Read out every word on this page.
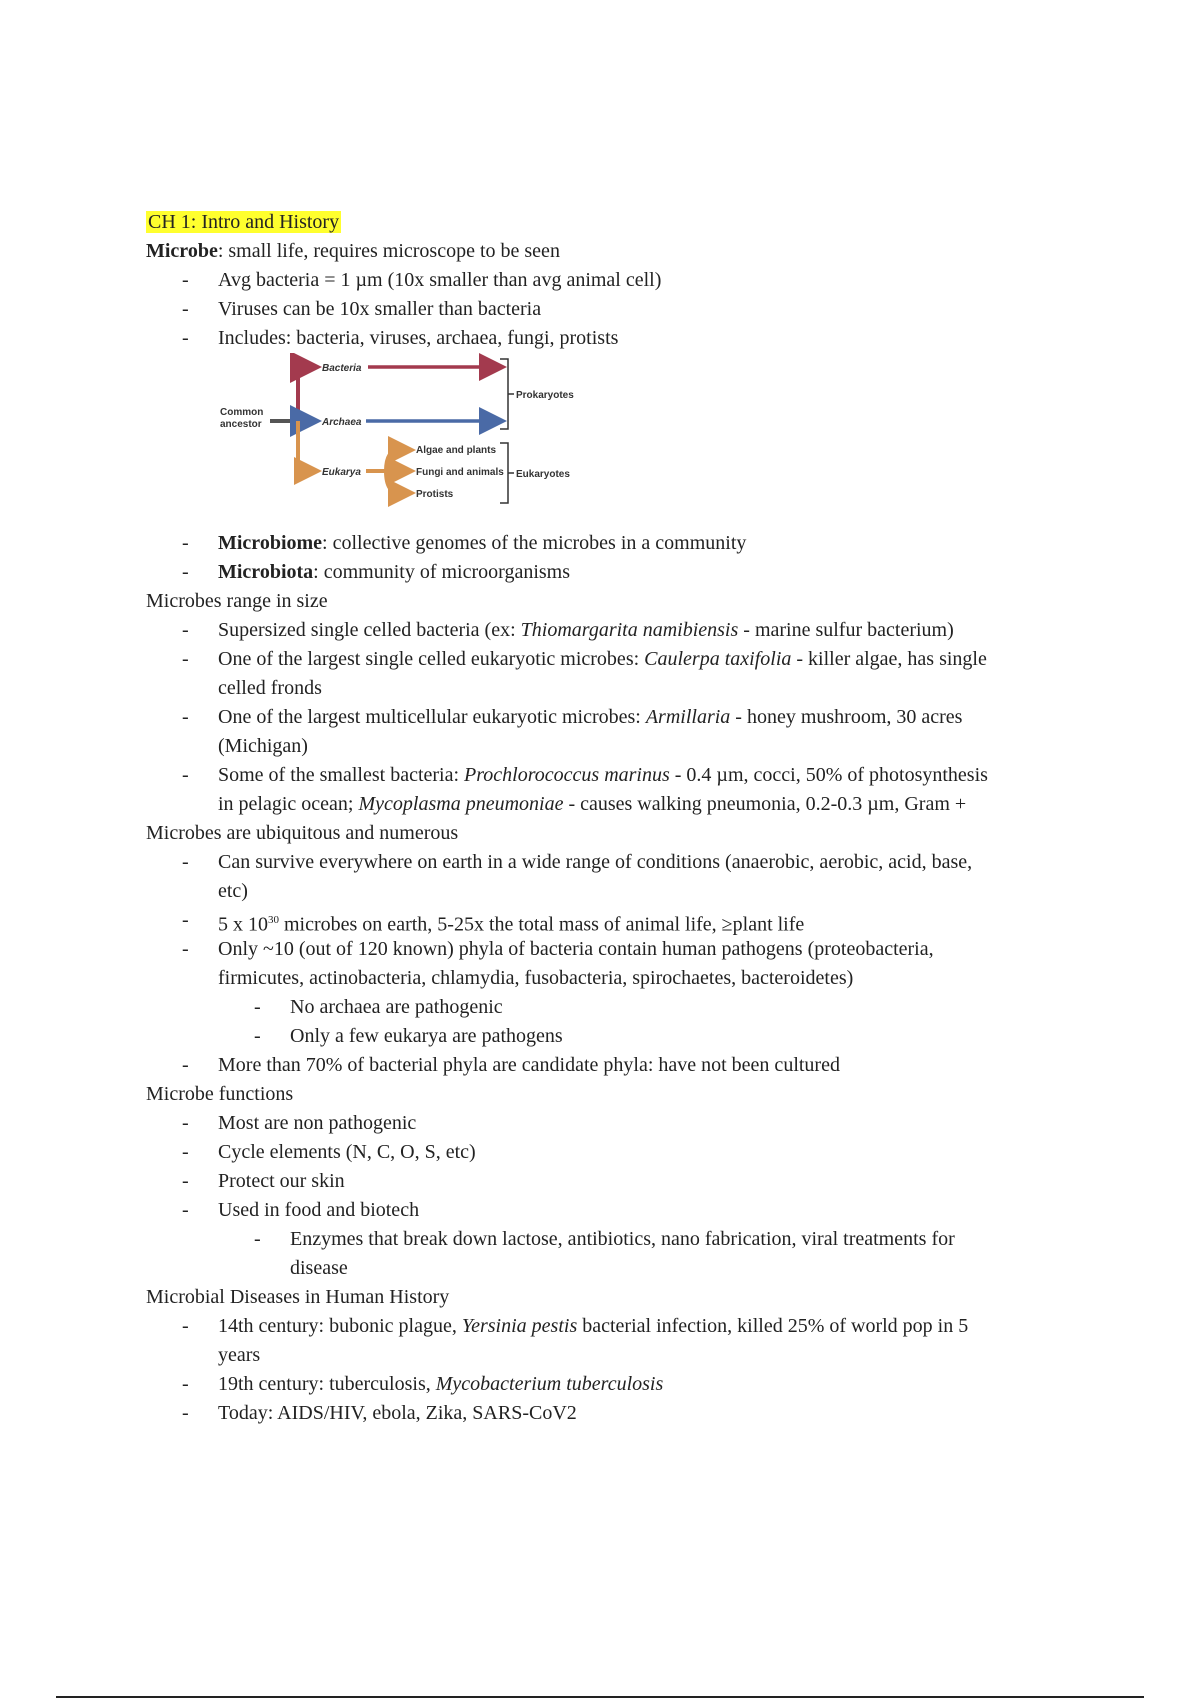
CH 1: Intro and History
Microbe: small life, requires microscope to be seen
- Avg bacteria = 1 µm (10x smaller than avg animal cell)
- Viruses can be 10x smaller than bacteria
- Includes: bacteria, viruses, archaea, fungi, protists
Common
ancestor
Bacteria
Archaea
Eukarya
Algae and plants
Fungi and animals
Protists
Prokaryotes
Eukaryotes
- Microbiome: collective genomes of the microbes in a community
- Microbiota: community of microorganisms
Microbes range in size
- Supersized single celled bacteria (ex: Thiomargarita namibiensis - marine sulfur bacterium)
- One of the largest single celled eukaryotic microbes: Caulerpa taxifolia - killer algae, has single
celled fronds
- One of the largest multicellular eukaryotic microbes: Armillaria - honey mushroom, 30 acres
(Michigan)
- Some of the smallest bacteria: Prochlorococcus marinus - 0.4 µm, cocci, 50% of photosynthesis
in pelagic ocean; Mycoplasma pneumoniae - causes walking pneumonia, 0.2-0.3 µm, Gram +
Microbes are ubiquitous and numerous
- Can survive everywhere on earth in a wide range of conditions (anaerobic, aerobic, acid, base,
etc)
- 5 x $10^{30}$ microbes on earth, 5-25x the total mass of animal life, ≥plant life
- Only ~10 (out of 120 known) phyla of bacteria contain human pathogens (proteobacteria,
firmicutes, actinobacteria, chlamydia, fusobacteria, spirochaetes, bacteroidetes)
- No archaea are pathogenic
- Only a few eukarya are pathogens
- More than 70% of bacterial phyla are candidate phyla: have not been cultured
Microbe functions
- Most are non pathogenic
- Cycle elements (N, C, O, S, etc)
- Protect our skin
- Used in food and biotech
- Enzymes that break down lactose, antibiotics, nano fabrication, viral treatments for
disease
Microbial Diseases in Human History
- 14th century: bubonic plague, Yersinia pestis bacterial infection, killed 25% of world pop in 5
years
- 19th century: tuberculosis, Mycobacterium tuberculosis
- Today: AIDS/HIV, ebola, Zika, SARS-CoV2
